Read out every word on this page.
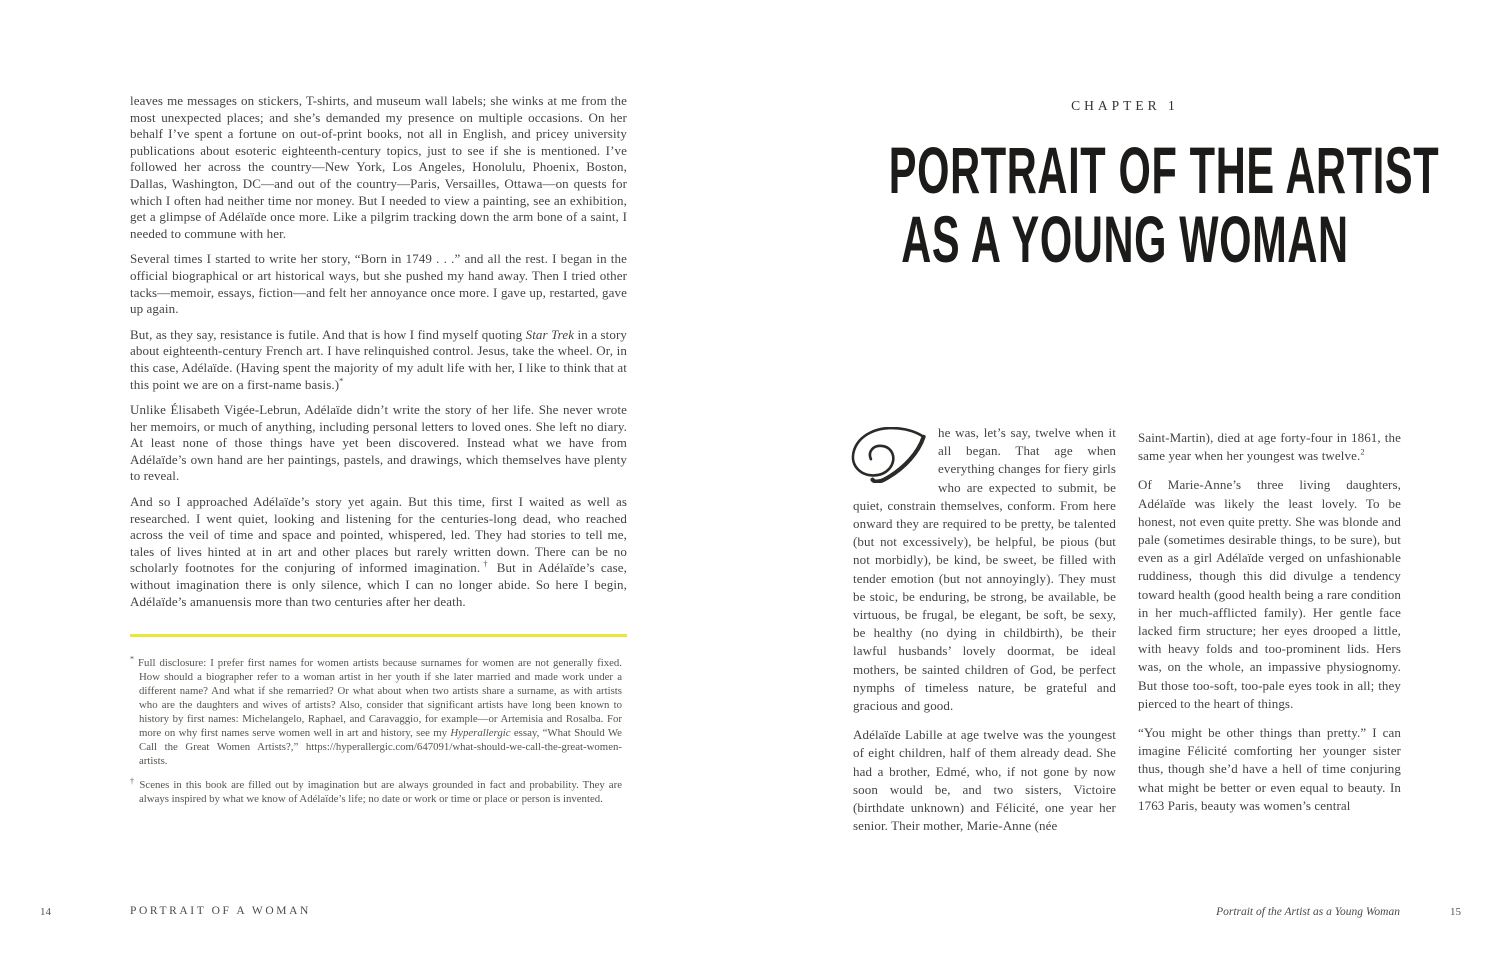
leaves me messages on stickers, T-shirts, and museum wall labels; she winks at me from the most unexpected places; and she’s demanded my presence on multiple occasions. On her behalf I’ve spent a fortune on out-of-print books, not all in English, and pricey university publications about esoteric eighteenth-century topics, just to see if she is mentioned. I’ve followed her across the country—New York, Los Angeles, Honolulu, Phoenix, Boston, Dallas, Washington, DC—and out of the country—Paris, Versailles, Ottawa—on quests for which I often had neither time nor money. But I needed to view a painting, see an exhibition, get a glimpse of Adélaïde once more. Like a pilgrim tracking down the arm bone of a saint, I needed to commune with her.

Several times I started to write her story, “Born in 1749 . . .” and all the rest. I began in the official biographical or art historical ways, but she pushed my hand away. Then I tried other tacks—memoir, essays, fiction—and felt her annoyance once more. I gave up, restarted, gave up again.

But, as they say, resistance is futile. And that is how I find myself quoting Star Trek in a story about eighteenth-century French art. I have relinquished control. Jesus, take the wheel. Or, in this case, Adélaïde. (Having spent the majority of my adult life with her, I like to think that at this point we are on a first-name basis.)*

Unlike Élisabeth Vigée-Lebrun, Adélaïde didn’t write the story of her life. She never wrote her memoirs, or much of anything, including personal letters to loved ones. She left no diary. At least none of those things have yet been discovered. Instead what we have from Adélaïde’s own hand are her paintings, pastels, and drawings, which themselves have plenty to reveal.

And so I approached Adélaïde’s story yet again. But this time, first I waited as well as researched. I went quiet, looking and listening for the centuries-long dead, who reached across the veil of time and space and pointed, whispered, led. They had stories to tell me, tales of lives hinted at in art and other places but rarely written down. There can be no scholarly footnotes for the conjuring of informed imagination.† But in Adélaïde’s case, without imagination there is only silence, which I can no longer abide. So here I begin, Adélaïde’s amanuensis more than two centuries after her death.

* Full disclosure: I prefer first names for women artists because surnames for women are not generally fixed. How should a biographer refer to a woman artist in her youth if she later married and made work under a different name? And what if she remarried? Or what about when two artists share a surname, as with artists who are the daughters and wives of artists? Also, consider that significant artists have long been known to history by first names: Michelangelo, Raphael, and Caravaggio, for example—or Artemisia and Rosalba. For more on why first names serve women well in art and history, see my Hyperallergic essay, “What Should We Call the Great Women Artists?,” https://hyperallergic.com/647091/what-should-we-call-the-great-women-artists.
† Scenes in this book are filled out by imagination but are always grounded in fact and probability. They are always inspired by what we know of Adélaïde’s life; no date or work or time or place or person is invented.
14	PORTRAIT OF A WOMAN
CHAPTER 1
PORTRAIT OF THE ARTIST
AS A YOUNG WOMAN

he was, let’s say, twelve when it all began. That age when everything changes for fiery girls who are expected to submit, be quiet, constrain themselves, conform. From here onward they are required to be pretty, be talented (but not excessively), be helpful, be pious (but not morbidly), be kind, be sweet, be filled with tender emotion (but not annoyingly). They must be stoic, be enduring, be strong, be available, be virtuous, be frugal, be elegant, be soft, be sexy, be healthy (no dying in childbirth), be their lawful husbands’ lovely doormat, be ideal mothers, be sainted children of God, be perfect nymphs of timeless nature, be grateful and gracious and good.

Adélaïde Labille at age twelve was the youngest of eight children, half of them already dead. She had a brother, Edmé, who, if not gone by now soon would be, and two sisters, Victoire (birthdate unknown) and Félicité, one year her senior. Their mother, Marie-Anne (née

Saint-Martin), died at age forty-four in 1861, the same year when her youngest was twelve.$^2$

Of Marie-Anne’s three living daughters, Adélaïde was likely the least lovely. To be honest, not even quite pretty. She was blonde and pale (sometimes desirable things, to be sure), but even as a girl Adélaïde verged on unfashionable ruddiness, though this did divulge a tendency toward health (good health being a rare condition in her much-afflicted family). Her gentle face lacked firm structure; her eyes drooped a little, with heavy folds and too-prominent lids. Hers was, on the whole, an impassive physiognomy. But those too-soft, too-pale eyes took in all; they pierced to the heart of things.

“You might be other things than pretty.” I can imagine Félicité comforting her younger sister thus, though she’d have a hell of time conjuring what might be better or even equal to beauty. In 1763 Paris, beauty was women’s central

Portrait of the Artist as a Young Woman	15
